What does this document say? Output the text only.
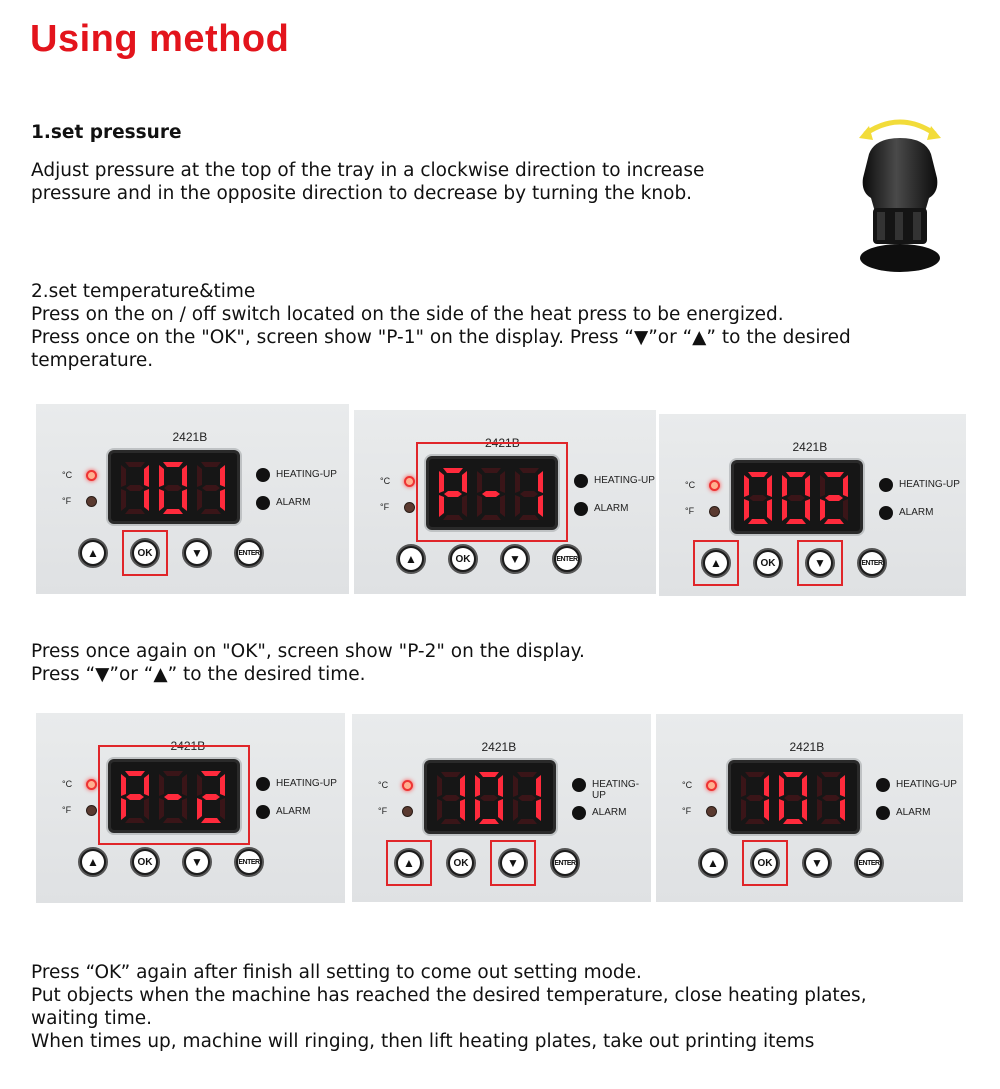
Using method
1.set pressure
Adjust pressure at the top of the tray in a clockwise direction to increase
pressure and in the opposite direction to decrease by turning the knob.
2.set temperature&time
Press on the on / off switch located on the side of the heat press to be energized.
Press once on the "OK", screen show "P-1" on the display. Press “▼”or “▲” to the desired
temperature.
2421B
°C
°F
HEATING-UP
ALARM
▲	OK	▼	ENTER
2421B
°C
°F
HEATING-UP
ALARM
▲	OK	▼	ENTER
2421B
°C
°F
HEATING-UP
ALARM
▲	OK	▼	ENTER
Press once again on "OK", screen show "P-2" on the display.
Press “▼”or “▲” to the desired time.
2421B
°C
°F
HEATING-UP
ALARM
▲	OK	▼	ENTER
2421B
°C
°F
HEATING-UP
ALARM
▲	OK	▼	ENTER
2421B
°C
°F
HEATING-UP
ALARM
▲	OK	▼	ENTER
Press “OK” again after finish all setting to come out setting mode.
Put objects when the machine has reached the desired temperature, close heating plates,
waiting time.
When times up, machine will ringing, then lift heating plates, take out printing items
